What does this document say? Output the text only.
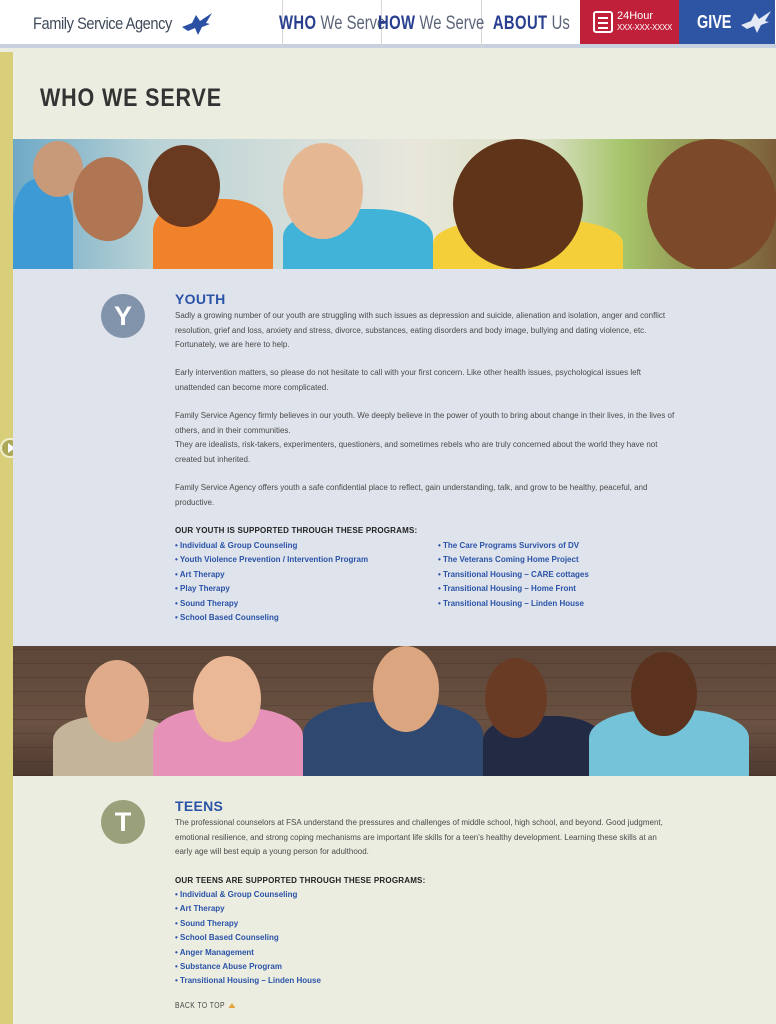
Family Service Agency	WHO We Serve
HOW We Serve ABOUT Us	24Hour
XXX-XXX-XXXX GIVE
WHO WE SERVE
Y
YOUTH

Sadly a growing number of our youth are struggling with such issues as depression and suicide, alienation and isolation, anger and conflict resolution, grief and loss, anxiety and stress, divorce, substances, eating disorders and body image, bullying and dating violence, etc. Fortunately, we are here to help.

Early intervention matters, so please do not hesitate to call with your first concern. Like other health issues, psychological issues left unattended can become more complicated.

Family Service Agency firmly believes in our youth. We deeply believe in the power of youth to bring about change in their lives, in the lives of others, and in their communities.

They are idealists, risk-takers, experimenters, questioners, and sometimes rebels who are truly concerned about the world they have not created but inherited.

Family Service Agency offers youth a safe confidential place to reflect, gain understanding, talk, and grow to be healthy, peaceful, and productive.

OUR YOUTH IS SUPPORTED THROUGH THESE PROGRAMS:
• Individual & Group Counseling
• Youth Violence Prevention / Intervention Program
• Art Therapy
• Play Therapy
• Sound Therapy
• School Based Counseling
• The Care Programs Survivors of DV
• The Veterans Coming Home Project
• Transitional Housing – CARE cottages
• Transitional Housing – Home Front
• Transitional Housing – Linden House
T
TEENS

The professional counselors at FSA understand the pressures and challenges of middle school, high school, and beyond. Good judgment, emotional resilience, and strong coping mechanisms are important life skills for a teen's healthy development. Learning these skills at an early age will best equip a young person for adulthood.

OUR TEENS ARE SUPPORTED THROUGH THESE PROGRAMS:
• Individual & Group Counseling
• Art Therapy
• Sound Therapy
• School Based Counseling
• Anger Management
• Substance Abuse Program
• Transitional Housing – Linden House
BACK TO TOP
